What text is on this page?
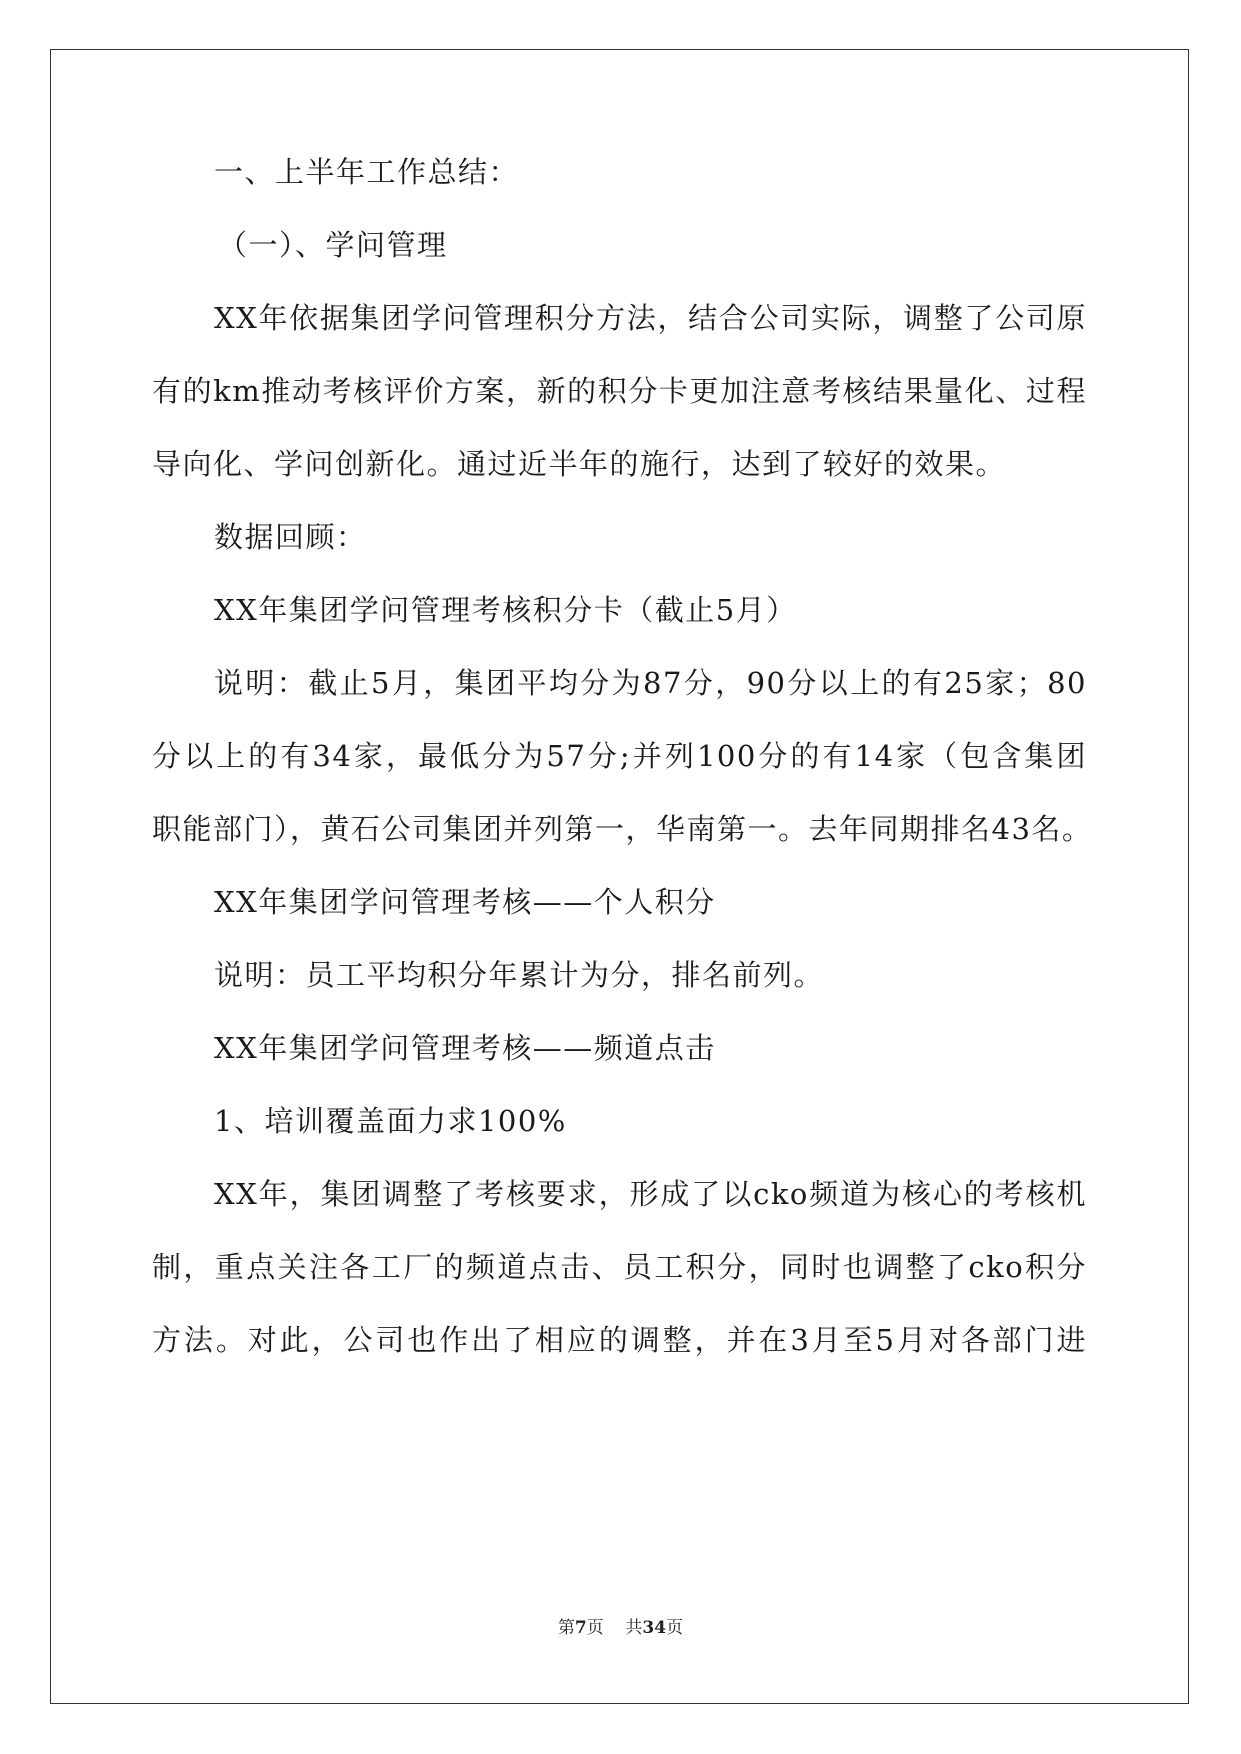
一、上半年工作总结：
（一）、学问管理
XX年依据集团学问管理积分方法，结合公司实际，调整了公司原
有的km推动考核评价方案，新的积分卡更加注意考核结果量化、过程
导向化、学问创新化。通过近半年的施行，达到了较好的效果。
数据回顾：
XX年集团学问管理考核积分卡（截止5月）
说明：截止5月，集团平均分为87分，90分以上的有25家；80
分以上的有34家，最低分为57分;并列100分的有14家（包含集团
职能部门），黄石公司集团并列第一，华南第一。去年同期排名43名。
XX年集团学问管理考核——个人积分
说明：员工平均积分年累计为分，排名前列。
XX年集团学问管理考核——频道点击
1、培训覆盖面力求100%
XX年，集团调整了考核要求，形成了以cko频道为核心的考核机
制，重点关注各工厂的频道点击、员工积分，同时也调整了cko积分
方法。对此，公司也作出了相应的调整，并在3月至5月对各部门进
第7页 共34页
